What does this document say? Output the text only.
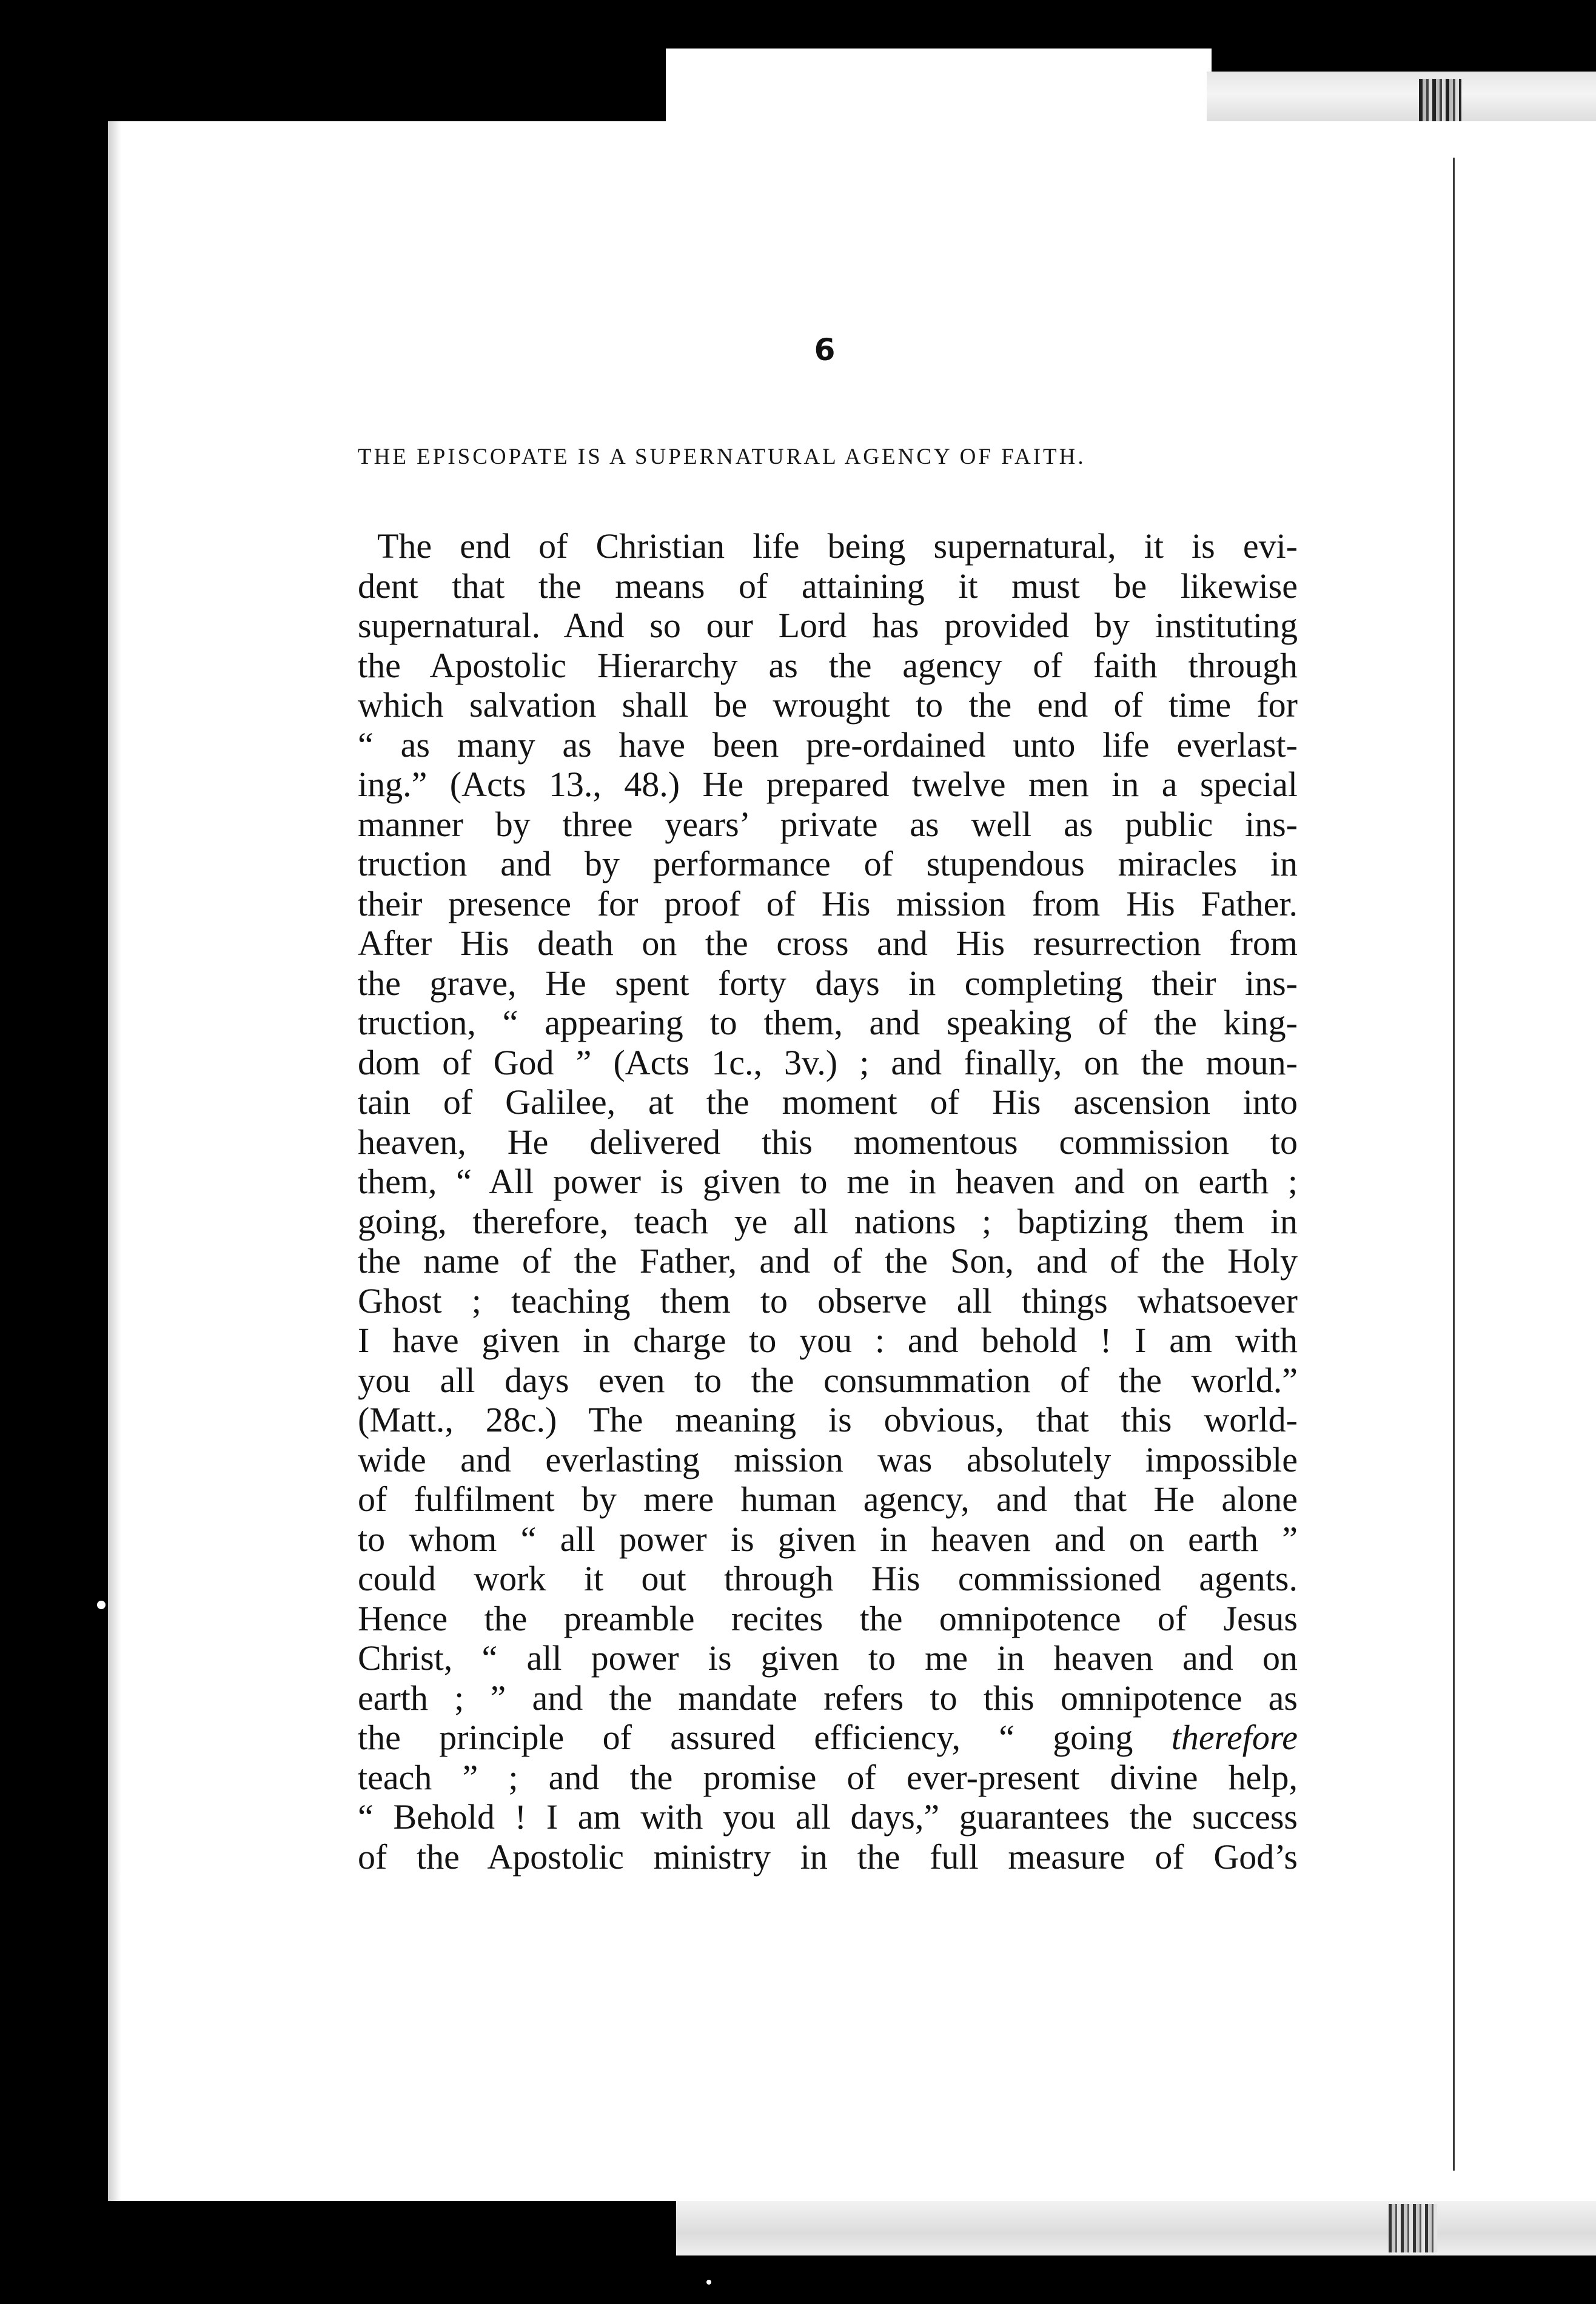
6
THE EPISCOPATE IS A SUPERNATURAL AGENCY OF FAITH.
The end of Christian life being supernatural, it is evi-
dent that the means of attaining it must be likewise
supernatural. And so our Lord has provided by instituting
the Apostolic Hierarchy as the agency of faith through
which salvation shall be wrought to the end of time for
“ as many as have been pre-ordained unto life everlast-
ing.” (Acts 13., 48.) He prepared twelve men in a special
manner by three years’ private as well as public ins-
truction and by performance of stupendous miracles in
their presence for proof of His mission from His Father.
After His death on the cross and His resurrection from
the grave, He spent forty days in completing their ins-
truction, “ appearing to them, and speaking of the king-
dom of God ” (Acts 1c., 3v.) ; and finally, on the moun-
tain of Galilee, at the moment of His ascension into
heaven, He delivered this momentous commission to
them, “ All power is given to me in heaven and on earth ;
going, therefore, teach ye all nations ; baptizing them in
the name of the Father, and of the Son, and of the Holy
Ghost ; teaching them to observe all things whatsoever
I have given in charge to you : and behold ! I am with
you all days even to the consummation of the world.”
(Matt., 28c.) The meaning is obvious, that this world-
wide and everlasting mission was absolutely impossible
of fulfilment by mere human agency, and that He alone
to whom “ all power is given in heaven and on earth ”
could work it out through His commissioned agents.
Hence the preamble recites the omnipotence of Jesus
Christ, “ all power is given to me in heaven and on
earth ; ” and the mandate refers to this omnipotence as
the principle of assured efficiency, “ going therefore
teach ” ; and the promise of ever-present divine help,
“ Behold ! I am with you all days,” guarantees the success
of the Apostolic ministry in the full measure of God’s
